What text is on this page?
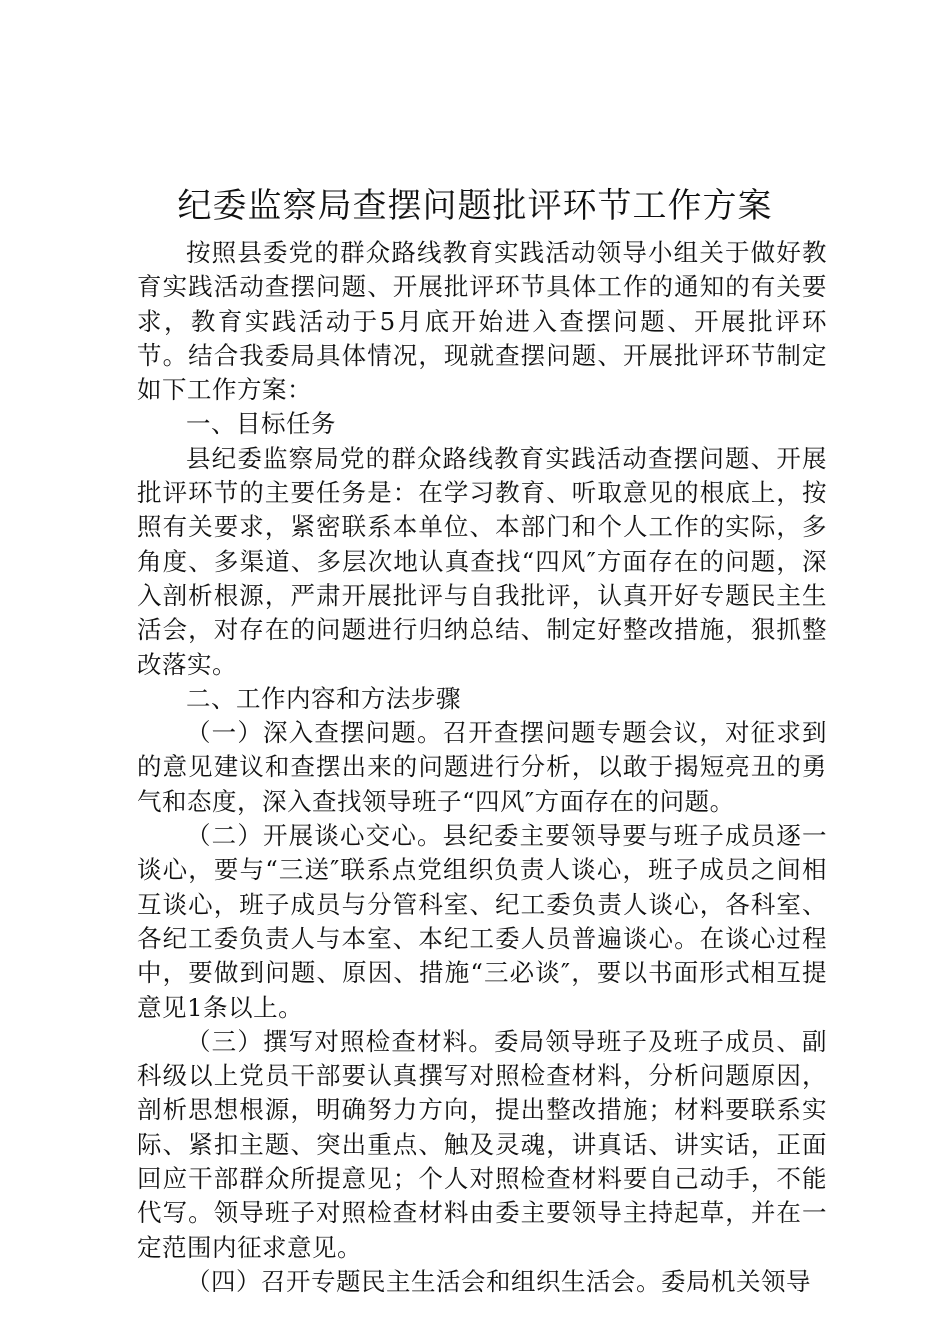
纪委监察局查摆问题批评环节工作方案

按照县委党的群众路线教育实践活动领导小组关于做好教育实践活动查摆问题、开展批评环节具体工作的通知的有关要求，教育实践活动于5月底开始进入查摆问题、开展批评环节。结合我委局具体情况，现就查摆问题、开展批评环节制定如下工作方案：

一、目标任务

县纪委监察局党的群众路线教育实践活动查摆问题、开展批评环节的主要任务是：在学习教育、听取意见的根底上，按照有关要求，紧密联系本单位、本部门和个人工作的实际，多角度、多渠道、多层次地认真查找“四风″方面存在的问题，深入剖析根源，严肃开展批评与自我批评，认真开好专题民主生活会，对存在的问题进行归纳总结、制定好整改措施，狠抓整改落实。

二、工作内容和方法步骤

（一）深入查摆问题。召开查摆问题专题会议，对征求到的意见建议和查摆出来的问题进行分析，以敢于揭短亮丑的勇气和态度，深入查找领导班子“四风″方面存在的问题。

（二）开展谈心交心。县纪委主要领导要与班子成员逐一谈心，要与“三送″联系点党组织负责人谈心，班子成员之间相互谈心，班子成员与分管科室、纪工委负责人谈心，各科室、各纪工委负责人与本室、本纪工委人员普遍谈心。在谈心过程中，要做到问题、原因、措施“三必谈″，要以书面形式相互提意见1条以上。

（三）撰写对照检查材料。委局领导班子及班子成员、副科级以上党员干部要认真撰写对照检查材料，分析问题原因，剖析思想根源，明确努力方向，提出整改措施；材料要联系实际、紧扣主题、突出重点、触及灵魂，讲真话、讲实话，正面回应干部群众所提意见；个人对照检查材料要自己动手，不能代写。领导班子对照检查材料由委主要领导主持起草，并在一定范围内征求意见。

（四）召开专题民主生活会和组织生活会。委局机关领导
